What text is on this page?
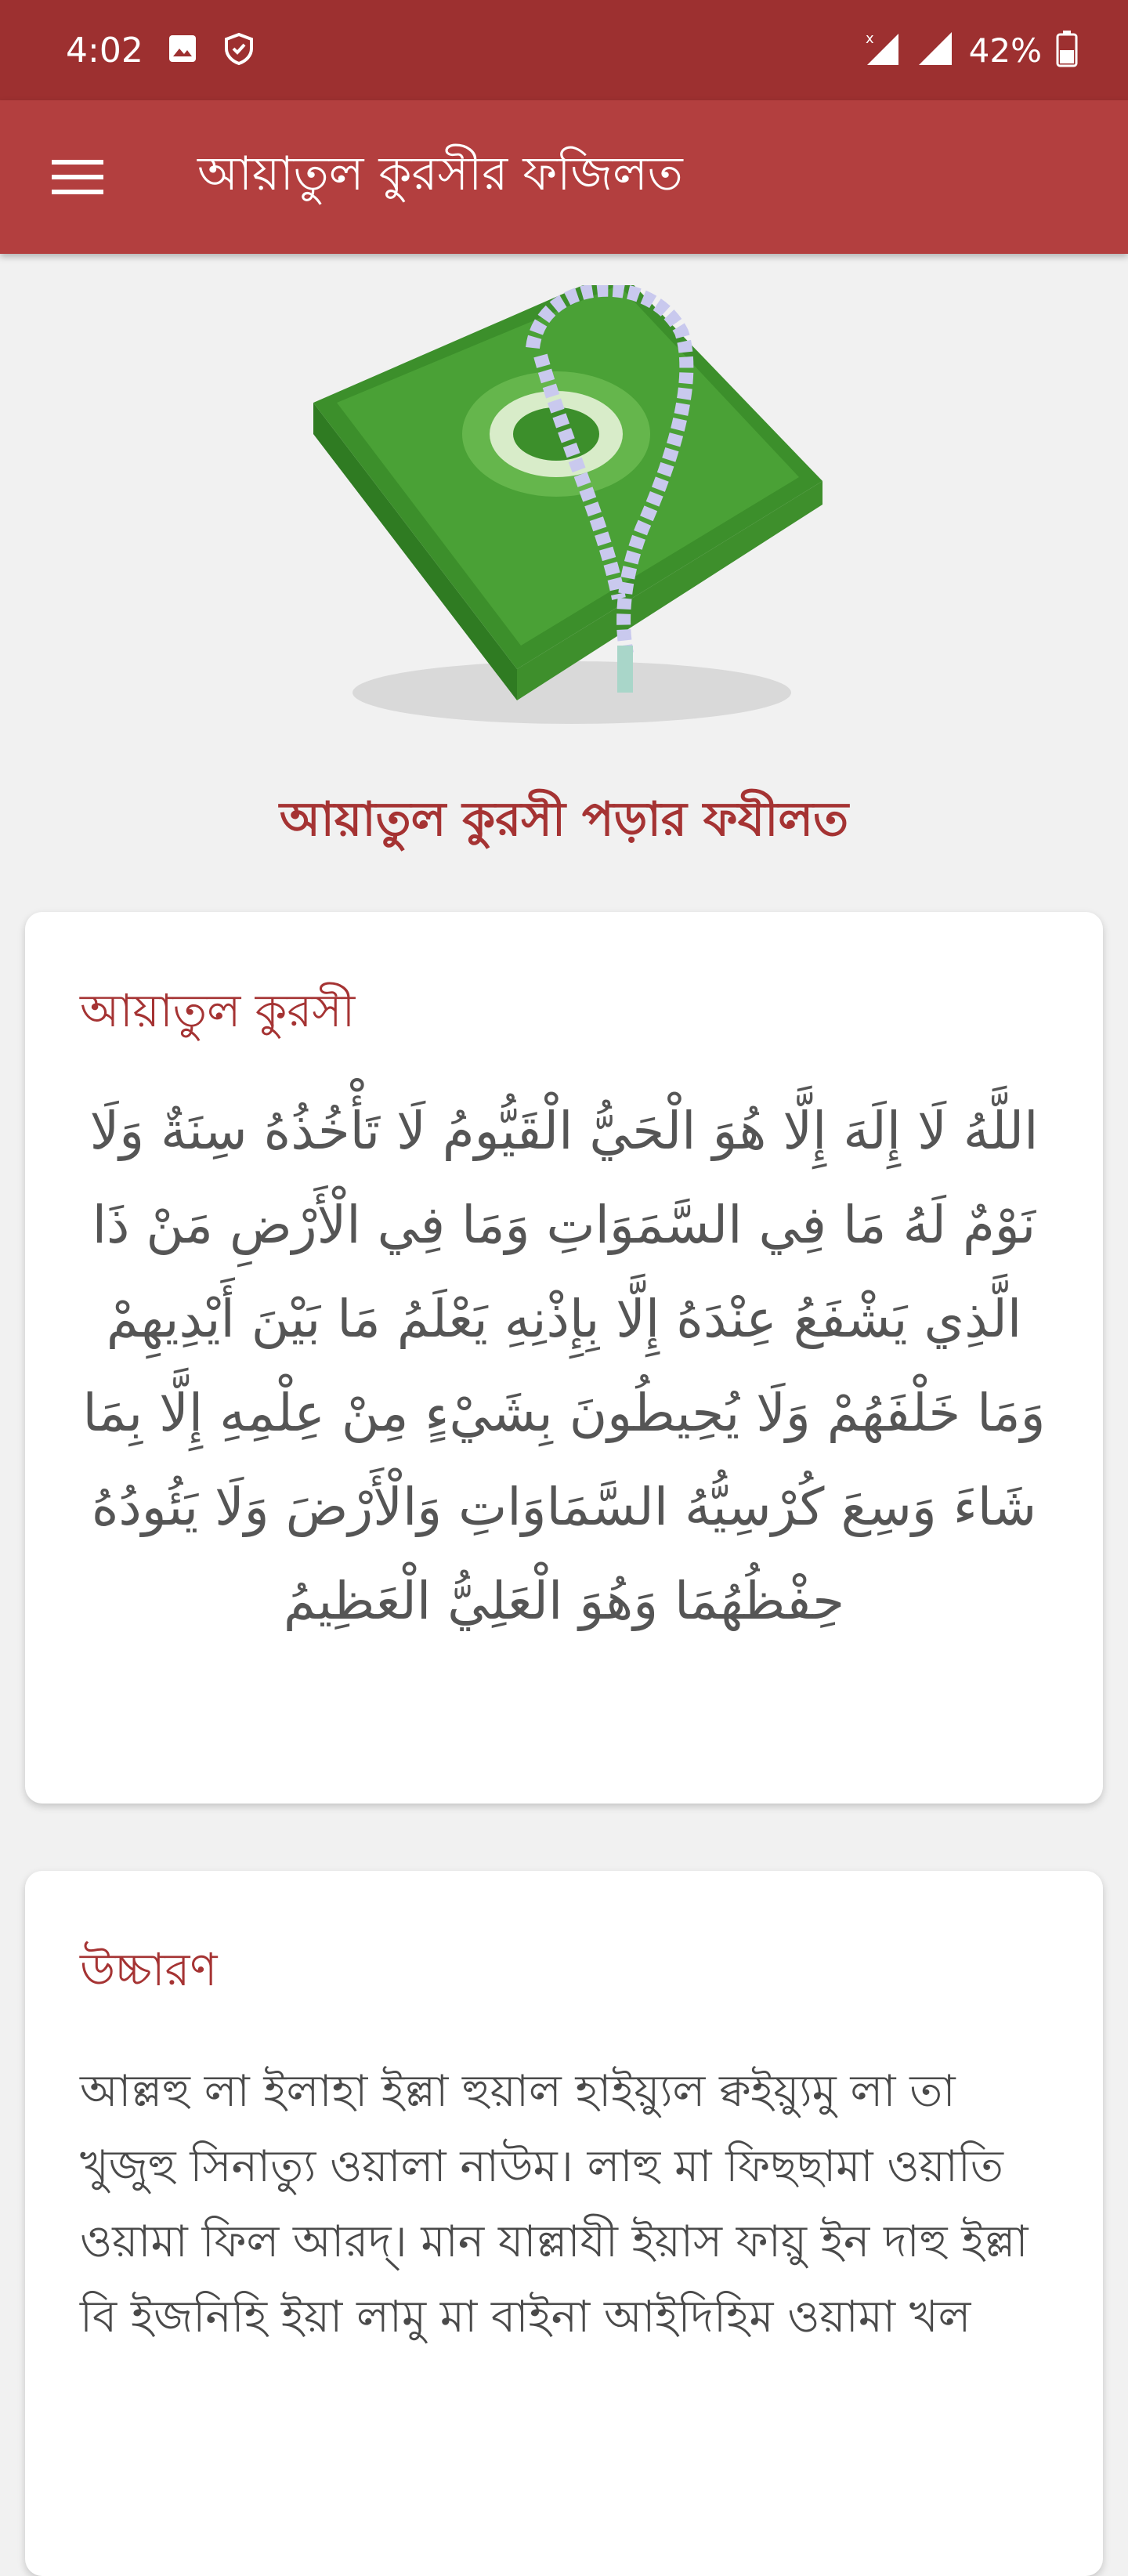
4:02	x	42%
আয়াতুল কুরসীর ফজিলত
আয়াতুল কুরসী পড়ার ফযীলত
আয়াতুল কুরসী
اللَّهُ لَا إِلَهَ إِلَّا هُوَ الْحَيُّ الْقَيُّومُ لَا تَأْخُذُهُ سِنَةٌ وَلَا نَوْمٌ لَهُ مَا فِي السَّمَوَاتِ وَمَا فِي الْأَرْضِ مَنْ ذَا الَّذِي يَشْفَعُ عِنْدَهُ إِلَّا بِإِذْنِهِ يَعْلَمُ مَا بَيْنَ أَيْدِيهِمْ وَمَا خَلْفَهُمْ وَلَا يُحِيطُونَ بِشَيْءٍ مِنْ عِلْمِهِ إِلَّا بِمَا شَاءَ وَسِعَ كُرْسِيُّهُ السَّمَاوَاتِ وَالْأَرْضَ وَلَا يَئُودُهُ حِفْظُهُمَا وَهُوَ الْعَلِيُّ الْعَظِيمُ
উচ্চারণ
আল্লহু লা ইলাহা ইল্লা হুয়াল হাইয়্যুল ক্বইয়্যুমু লা তা খুজুহু সিনাত্যু ওয়ালা নাউম। লাহু মা ফিছছামা ওয়াতি ওয়ামা ফিল আরদ্। মান যাল্লাযী ইয়াস ফায়ু ইন দাহু ইল্লা বি ইজনিহি ইয়া লামু মা বাইনা আইদিহিম ওয়ামা খল
